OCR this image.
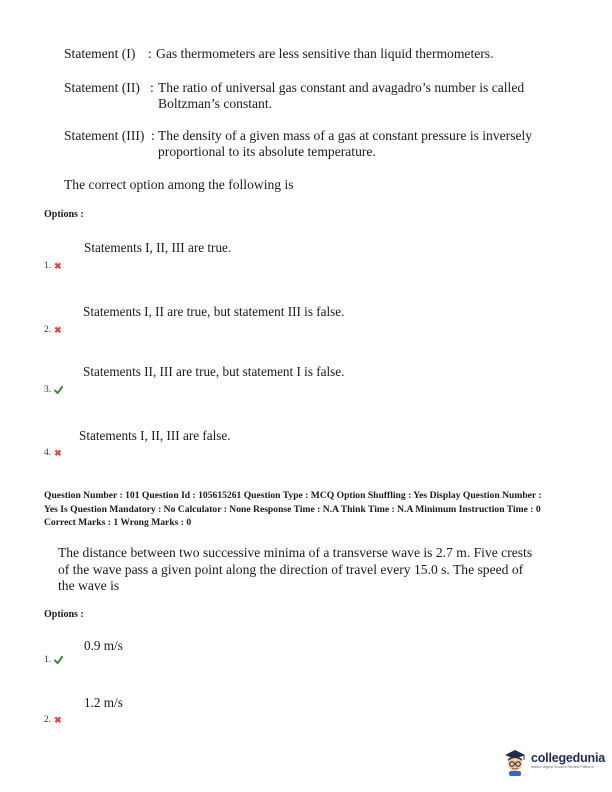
Statement (I) : Gas thermometers are less sensitive than liquid thermometers.
Statement (II) : The ratio of universal gas constant and avagadro’s number is called
Boltzman’s constant.
Statement (III) : The density of a given mass of a gas at constant pressure is inversely
proportional to its absolute temperature.
The correct option among the following is
Options :
Statements I, II, III are true.
1. ✖
Statements I, II are true, but statement III is false.
2. ✖
Statements II, III are true, but statement I is false.
3.
Statements I, II, III are false.
4. ✖
Question Number : 101 Question Id : 105615261 Question Type : MCQ Option Shuffling : Yes Display Question Number :
Yes Is Question Mandatory : No Calculator : None Response Time : N.A Think Time : N.A Minimum Instruction Time : 0
Correct Marks : 1 Wrong Marks : 0
The distance between two successive minima of a transverse wave is 2.7 m. Five crests
of the wave pass a given point along the direction of travel every 15.0 s. The speed of
the wave is
Options :
0.9 m/s
1.
1.2 m/s
2. ✖
collegedunia
India's largest Student Review Platform
